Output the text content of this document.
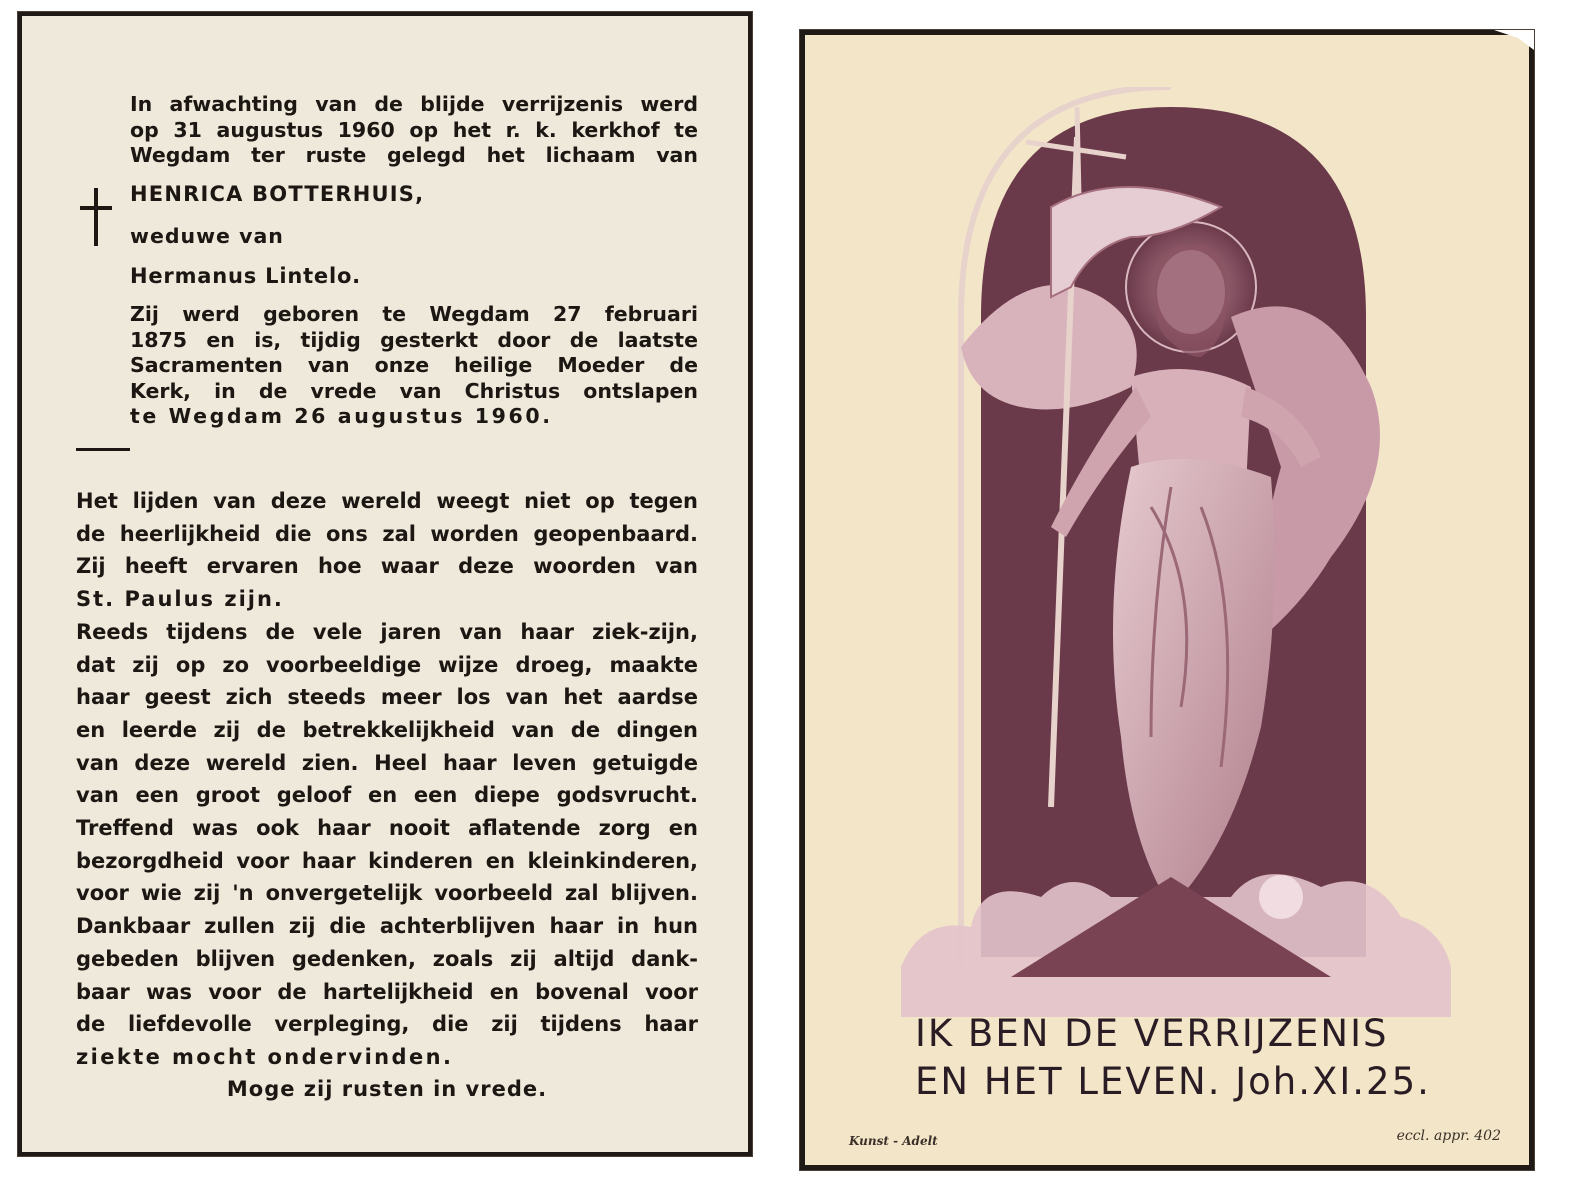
In afwachting van de blijde verrijzenis werd
op 31 augustus 1960 op het r. k. kerkhof te
Wegdam ter ruste gelegd het lichaam van
HENRICA BOTTERHUIS,
weduwe van
Hermanus Lintelo.
Zij werd geboren te Wegdam 27 februari
1875 en is, tijdig gesterkt door de laatste
Sacramenten van onze heilige Moeder de
Kerk, in de vrede van Christus ontslapen
te Wegdam 26 augustus 1960.
Het lijden van deze wereld weegt niet op tegen
de heerlijkheid die ons zal worden geopenbaard.
Zij heeft ervaren hoe waar deze woorden van
St. Paulus zijn.
Reeds tijdens de vele jaren van haar ziek-zijn,
dat zij op zo voorbeeldige wijze droeg, maakte
haar geest zich steeds meer los van het aardse
en leerde zij de betrekkelijkheid van de dingen
van deze wereld zien. Heel haar leven getuigde
van een groot geloof en een diepe godsvrucht.
Treffend was ook haar nooit aflatende zorg en
bezorgdheid voor haar kinderen en kleinkinderen,
voor wie zij 'n onvergetelijk voorbeeld zal blijven.
Dankbaar zullen zij die achterblijven haar in hun
gebeden blijven gedenken, zoals zij altijd dank-
baar was voor de hartelijkheid en bovenal voor
de liefdevolle verpleging, die zij tijdens haar
ziekte mocht ondervinden.
Moge zij rusten in vrede.
IK BEN DE VERRIJZENIS
EN HET LEVEN. Joh.XI.25.
Kunst - Adelt	eccl. appr. 402
